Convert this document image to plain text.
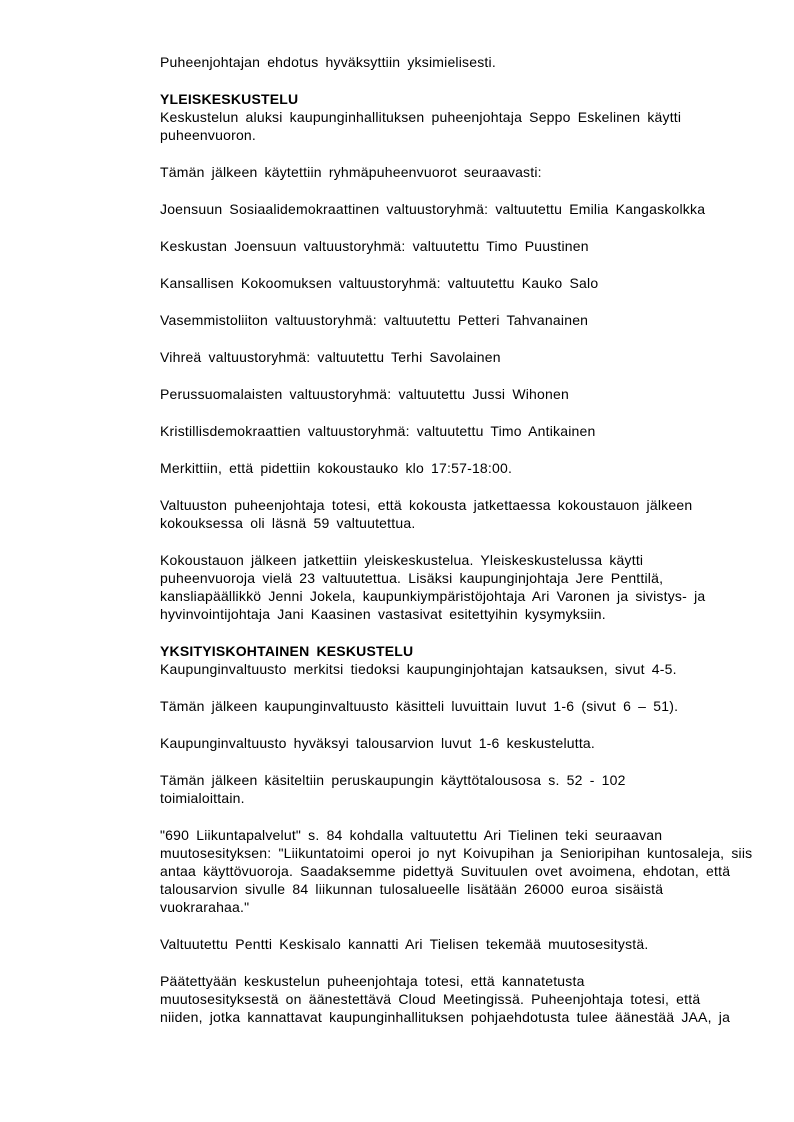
Puheenjohtajan ehdotus hyväksyttiin yksimielisesti.
YLEISKESKUSTELU
Keskustelun aluksi kaupunginhallituksen puheenjohtaja Seppo Eskelinen käytti
puheenvuoron.
Tämän jälkeen käytettiin ryhmäpuheenvuorot seuraavasti:
Joensuun Sosiaalidemokraattinen valtuustoryhmä: valtuutettu Emilia Kangaskolkka
Keskustan Joensuun valtuustoryhmä: valtuutettu Timo Puustinen
Kansallisen Kokoomuksen valtuustoryhmä: valtuutettu Kauko Salo
Vasemmistoliiton valtuustoryhmä: valtuutettu Petteri Tahvanainen
Vihreä valtuustoryhmä: valtuutettu Terhi Savolainen
Perussuomalaisten valtuustoryhmä: valtuutettu Jussi Wihonen
Kristillisdemokraattien valtuustoryhmä: valtuutettu Timo Antikainen
Merkittiin, että pidettiin kokoustauko klo 17:57-18:00.
Valtuuston puheenjohtaja totesi, että kokousta jatkettaessa kokoustauon jälkeen
kokouksessa oli läsnä 59 valtuutettua.
Kokoustauon jälkeen jatkettiin yleiskeskustelua. Yleiskeskustelussa käytti
puheenvuoroja vielä 23 valtuutettua. Lisäksi kaupunginjohtaja Jere Penttilä,
kansliapäällikkö Jenni Jokela, kaupunkiympäristöjohtaja Ari Varonen ja sivistys- ja
hyvinvointijohtaja Jani Kaasinen vastasivat esitettyihin kysymyksiin.
YKSITYISKOHTAINEN KESKUSTELU
Kaupunginvaltuusto merkitsi tiedoksi kaupunginjohtajan katsauksen, sivut 4-5.
Tämän jälkeen kaupunginvaltuusto käsitteli luvuittain luvut 1-6 (sivut 6 – 51).
Kaupunginvaltuusto hyväksyi talousarvion luvut 1-6 keskustelutta.
Tämän jälkeen käsiteltiin peruskaupungin käyttötalousosa s. 52 - 102
toimialoittain.
"690 Liikuntapalvelut" s. 84 kohdalla valtuutettu Ari Tielinen teki seuraavan
muutosesityksen: "Liikuntatoimi operoi jo nyt Koivupihan ja Senioripihan kuntosaleja, siis
antaa käyttövuoroja. Saadaksemme pidettyä Suvituulen ovet avoimena, ehdotan, että
talousarvion sivulle 84 liikunnan tulosalueelle lisätään 26000 euroa sisäistä
vuokrarahaa."
Valtuutettu Pentti Keskisalo kannatti Ari Tielisen tekemää muutosesitystä.
Päätettyään keskustelun puheenjohtaja totesi, että kannatetusta
muutosesityksestä on äänestettävä Cloud Meetingissä. Puheenjohtaja totesi, että
niiden, jotka kannattavat kaupunginhallituksen pohjaehdotusta tulee äänestää JAA, ja
